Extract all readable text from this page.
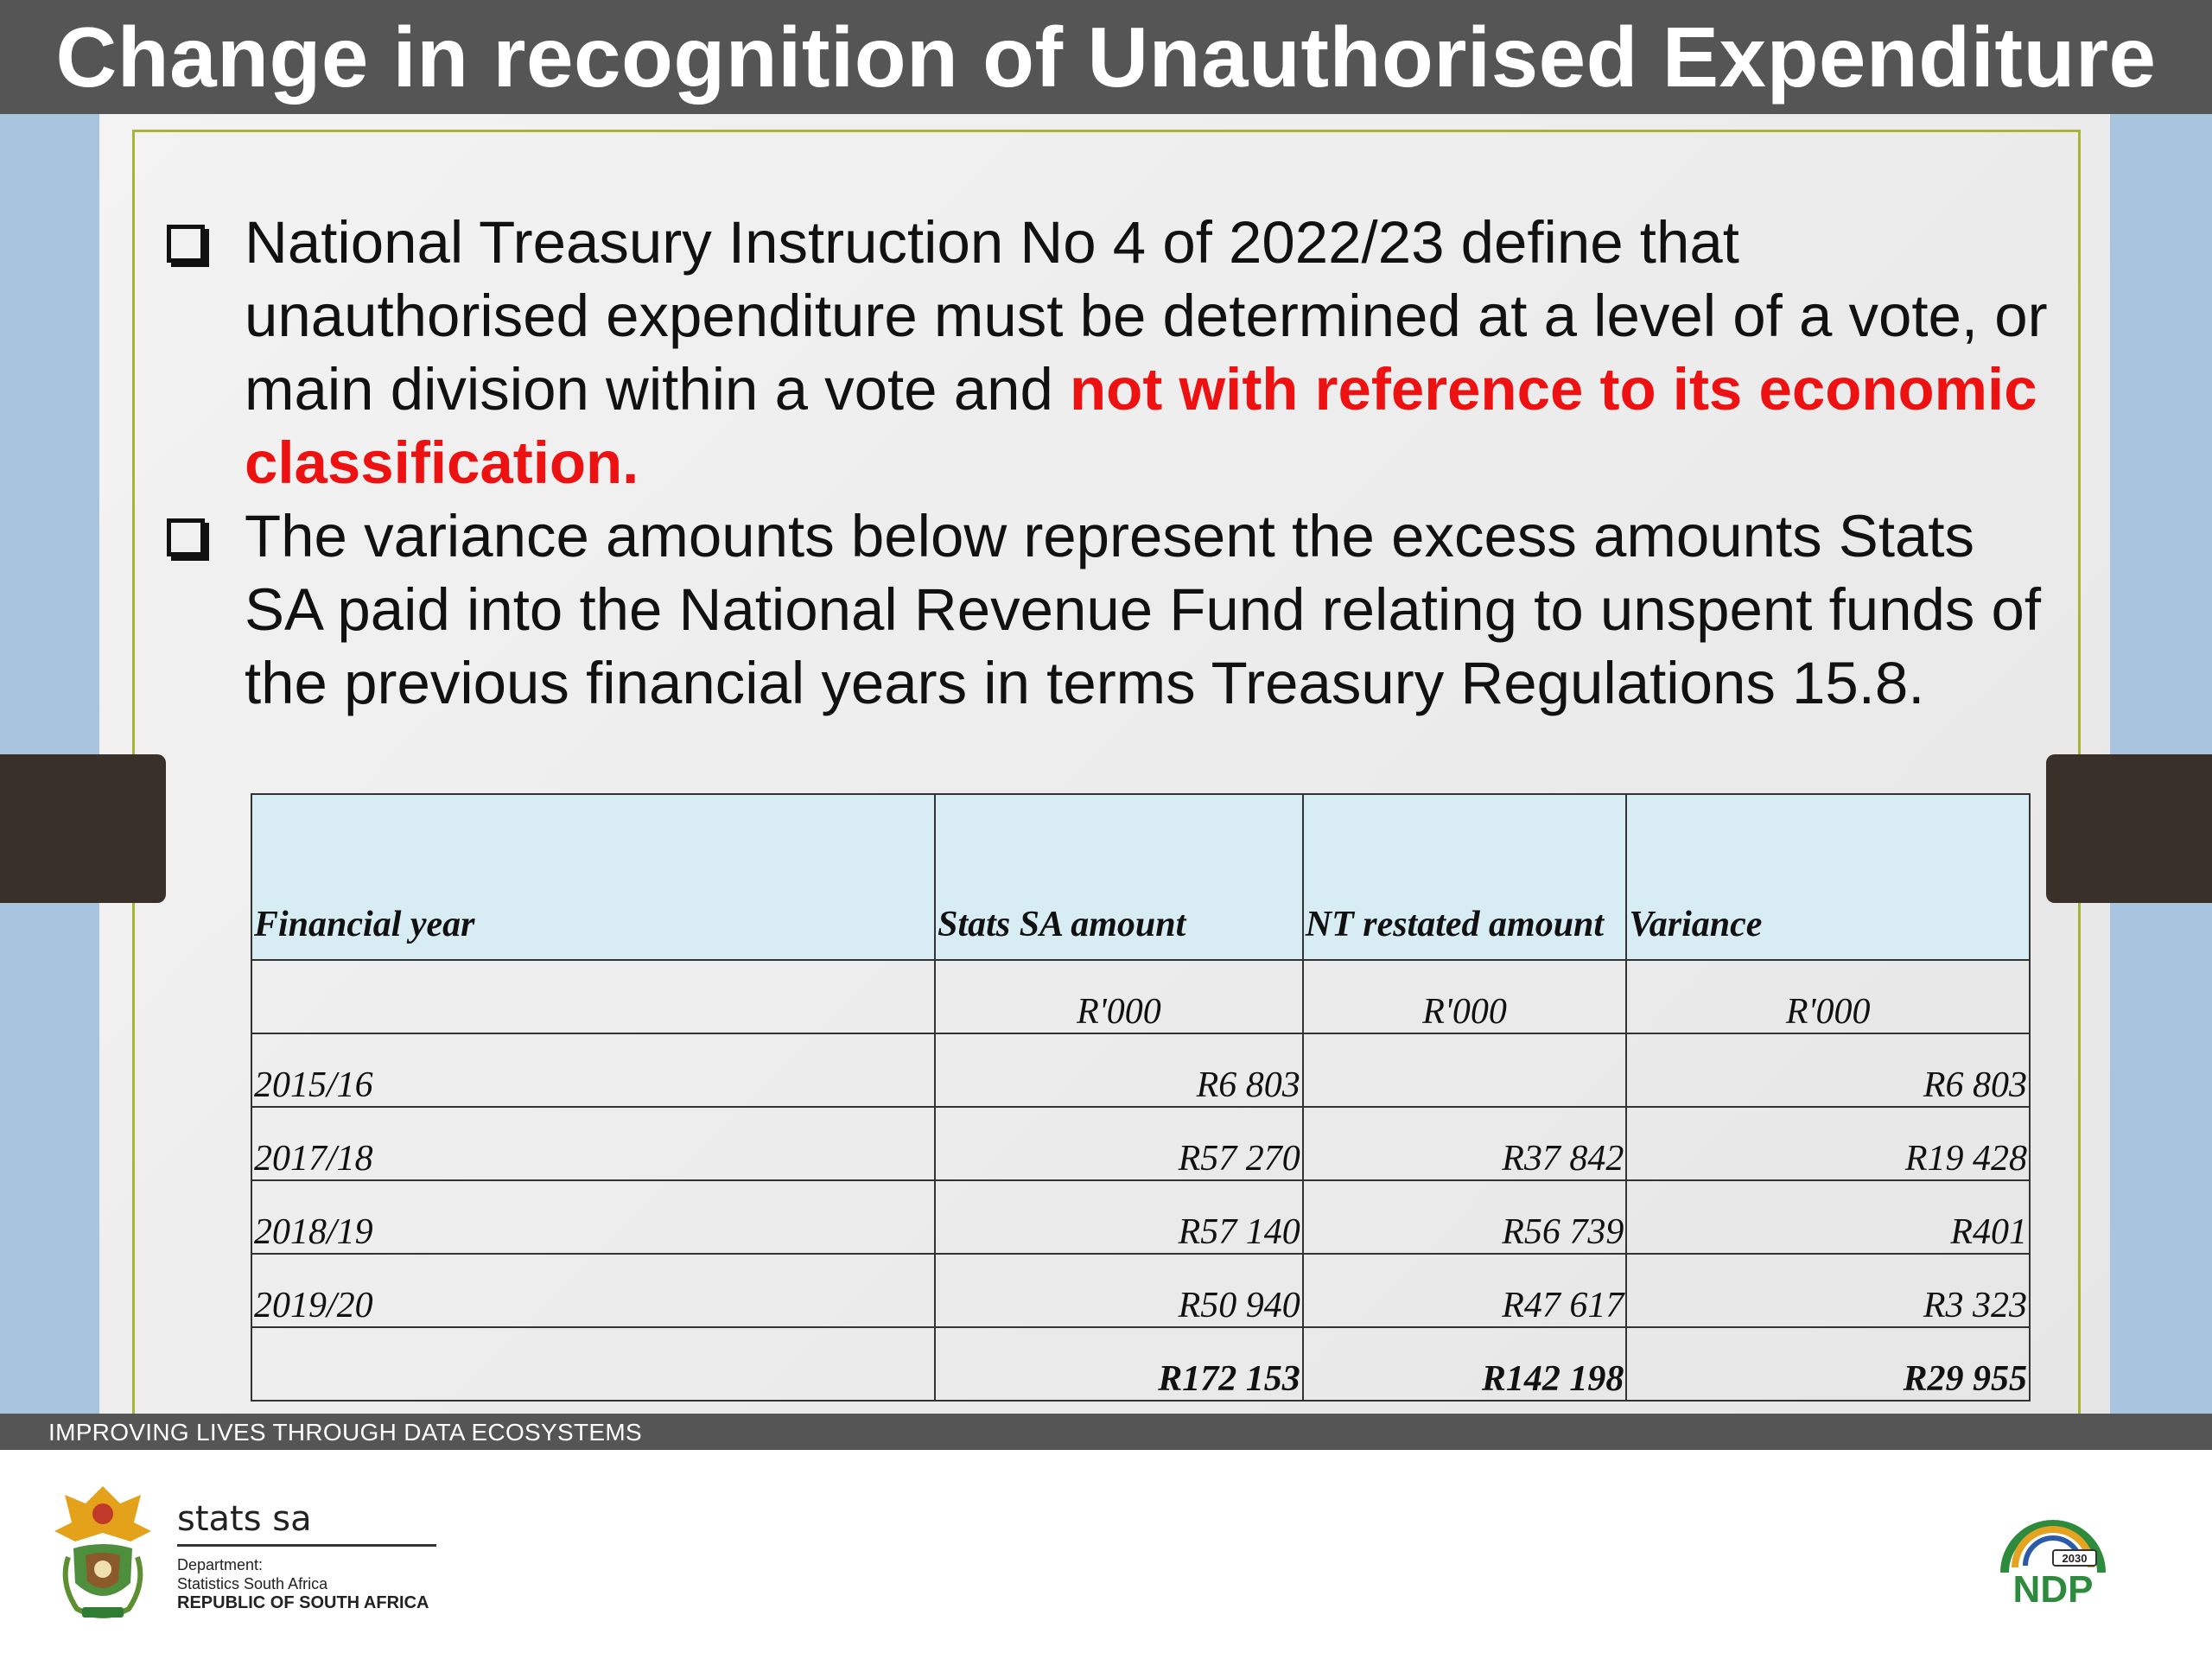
Change in recognition of Unauthorised Expenditure
National Treasury Instruction No 4 of 2022/23 define that unauthorised expenditure must be determined at a level of a vote, or main division within a vote and not with reference to its economic classification.
The variance amounts below represent the excess amounts Stats SA paid into the National Revenue Fund relating to unspent funds of the previous financial years in terms Treasury Regulations 15.8.
Financial year	Stats SA amount	NT restated amount	Variance
	R'000	R'000	R'000
2015/16	R6 803		R6 803
2017/18	R57 270	R37 842	R19 428
2018/19	R57 140	R56 739	R401
2019/20	R50 940	R47 617	R3 323
	R172 153	R142 198	R29 955
IMPROVING LIVES THROUGH DATA ECOSYSTEMS
stats sa
Department:
Statistics South Africa
REPUBLIC OF SOUTH AFRICA
2030
NDP
